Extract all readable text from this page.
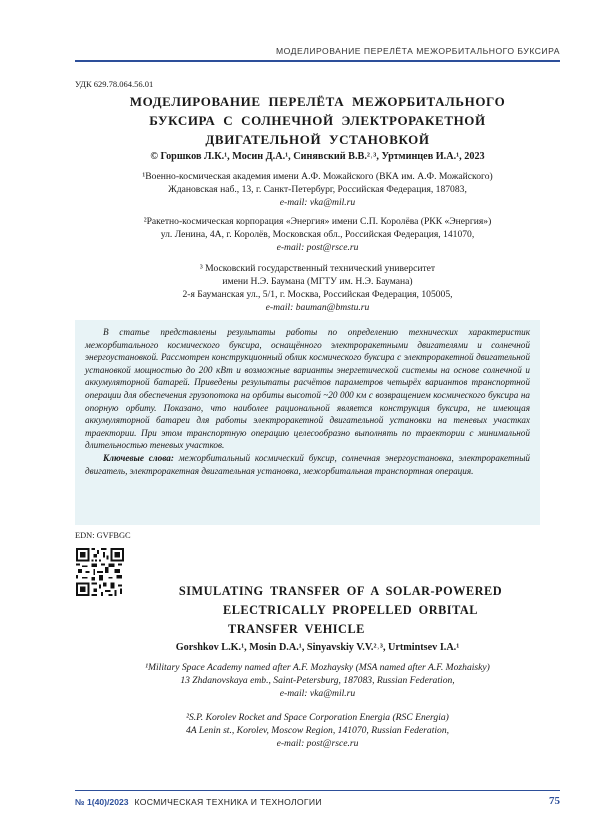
МОДЕЛИРОВАНИЕ ПЕРЕЛЁТА МЕЖОРБИТАЛЬНОГО БУКСИРА
УДК 629.78.064.56.01
МОДЕЛИРОВАНИЕ ПЕРЕЛЁТА МЕЖОРБИТАЛЬНОГО
БУКСИРА С СОЛНЕЧНОЙ ЭЛЕКТРОРАКЕТНОЙ
ДВИГАТЕЛЬНОЙ УСТАНОВКОЙ
© Горшков Л.К.¹, Мосин Д.А.¹, Синявский В.В.²˒³, Уртминцев И.А.¹, 2023
¹Военно-космическая академия имени А.Ф. Можайского (ВКА им. А.Ф. Можайского)
Ждановская наб., 13, г. Санкт-Петербург, Российская Федерация, 187083,
e-mail: vka@mil.ru
²Ракетно-космическая корпорация «Энергия» имени С.П. Королёва (РКК «Энергия»)
ул. Ленина, 4А, г. Королёв, Московская обл., Российская Федерация, 141070,
e-mail: post@rsce.ru
³ Московский государственный технический университет
имени Н.Э. Баумана (МГТУ им. Н.Э. Баумана)
2-я Бауманская ул., 5/1, г. Москва, Российская Федерация, 105005,
e-mail: bauman@bmstu.ru

В статье представлены результаты работы по определению технических характеристик межорбитального космического буксира, оснащённого электроракетными двигателями и солнечной энергоустановкой. Рассмотрен конструкционный облик космического буксира с электроракетной двигательной установкой мощностью до 200 кВт и возможные варианты энергетической системы на основе солнечной и аккумуляторной батарей. Приведены результаты расчётов параметров четырёх вариантов транспортной операции для обеспечения грузопотока на орбиты высотой ~20 000 км с возвращением космического буксира на опорную орбиту. Показано, что наиболее рациональной является конструкция буксира, не имеющая аккумуляторной батареи для работы электроракетной двигательной установки на теневых участках траектории. При этом транспортную операцию целесообразно выполнять по траектории с минимальной длительностью теневых участков.

Ключевые слова: межорбитальный космический буксир, солнечная энергоустановка, электроракетный двигатель, электроракетная двигательная установка, межорбитальная транспортная операция.

EDN: GVFBGC
SIMULATING TRANSFER OF A SOLAR-POWERED
ELECTRICALLY PROPELLED ORBITAL
TRANSFER VEHICLE
Gorshkov L.K.¹, Mosin D.A.¹, Sinyavskiy V.V.²˒³, Urtmintsev I.A.¹
¹Military Space Academy named after A.F. Mozhaysky (MSA named after A.F. Mozhaisky)
13 Zhdanovskaya emb., Saint-Petersburg, 187083, Russian Federation,
e-mail: vka@mil.ru
²S.P. Korolev Rocket and Space Corporation Energia (RSC Energia)
4A Lenin st., Korolev, Moscow Region, 141070, Russian Federation,
e-mail: post@rsce.ru
№ 1(40)/2023 КОСМИЧЕСКАЯ ТЕХНИКА И ТЕХНОЛОГИИ	75
